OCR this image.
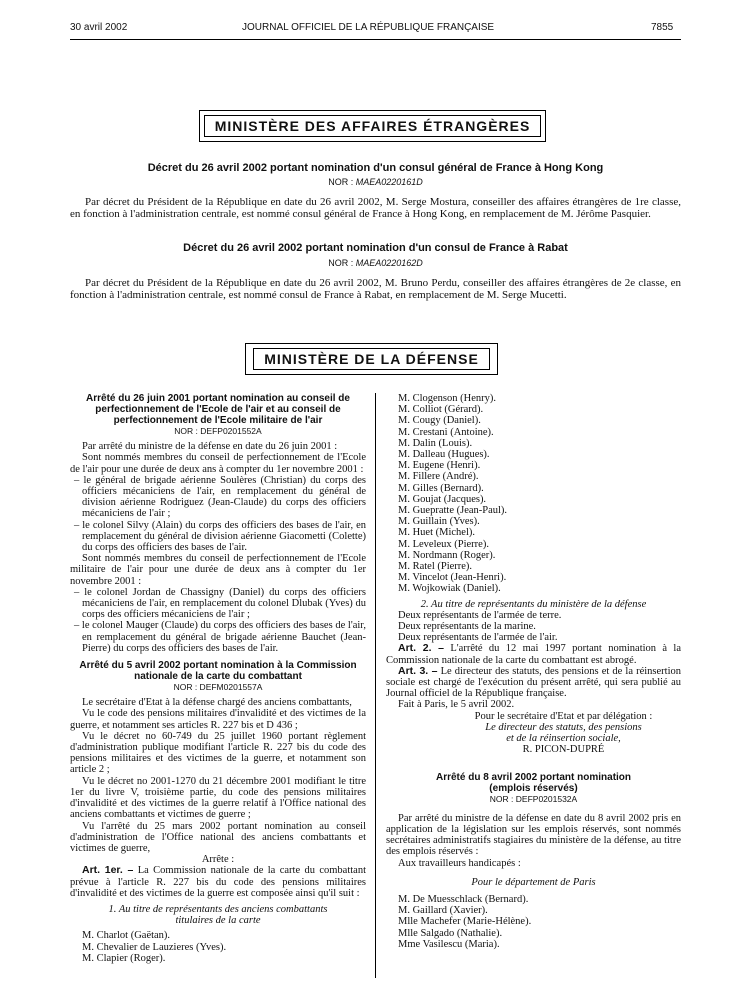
30 avril 2002	JOURNAL OFFICIEL DE LA RÉPUBLIQUE FRANÇAISE	7855
MINISTÈRE DES AFFAIRES ÉTRANGÈRES
Décret du 26 avril 2002 portant nomination d'un consul général de France à Hong Kong
NOR : MAEA0220161D
Par décret du Président de la République en date du 26 avril 2002, M. Serge Mostura, conseiller des affaires étrangères de 1re classe, en fonction à l'administration centrale, est nommé consul général de France à Hong Kong, en remplacement de M. Jérôme Pasquier.
Décret du 26 avril 2002 portant nomination d'un consul de France à Rabat
NOR : MAEA0220162D
Par décret du Président de la République en date du 26 avril 2002, M. Bruno Perdu, conseiller des affaires étrangères de 2e classe, en fonction à l'administration centrale, est nommé consul de France à Rabat, en remplacement de M. Serge Mucetti.
MINISTÈRE DE LA DÉFENSE
Arrêté du 26 juin 2001 portant nomination au conseil de perfectionnement de l'Ecole de l'air et au conseil de perfectionnement de l'Ecole militaire de l'air
NOR : DEFP0201552A

Par arrêté du ministre de la défense en date du 26 juin 2001 :

Sont nommés membres du conseil de perfectionnement de l'Ecole de l'air pour une durée de deux ans à compter du 1er novembre 2001 :

– le général de brigade aérienne Soulères (Christian) du corps des officiers mécaniciens de l'air, en remplacement du général de division aérienne Rodriguez (Jean-Claude) du corps des officiers mécaniciens de l'air ;

– le colonel Silvy (Alain) du corps des officiers des bases de l'air, en remplacement du général de division aérienne Giacometti (Colette) du corps des officiers des bases de l'air.

Sont nommés membres du conseil de perfectionnement de l'Ecole militaire de l'air pour une durée de deux ans à compter du 1er novembre 2001 :

– le colonel Jordan de Chassigny (Daniel) du corps des officiers mécaniciens de l'air, en remplacement du colonel Dlubak (Yves) du corps des officiers mécaniciens de l'air ;

– le colonel Mauger (Claude) du corps des officiers des bases de l'air, en remplacement du général de brigade aérienne Bauchet (Jean-Pierre) du corps des officiers des bases de l'air.

Arrêté du 5 avril 2002 portant nomination à la Commission nationale de la carte du combattant
NOR : DEFM0201557A

Le secrétaire d'Etat à la défense chargé des anciens combattants,

Vu le code des pensions militaires d'invalidité et des victimes de la guerre, et notamment ses articles R. 227 bis et D 436 ;

Vu le décret no 60-749 du 25 juillet 1960 portant règlement d'administration publique modifiant l'article R. 227 bis du code des pensions militaires et des victimes de la guerre, et notamment son article 2 ;

Vu le décret no 2001-1270 du 21 décembre 2001 modifiant le titre 1er du livre V, troisième partie, du code des pensions militaires d'invalidité et des victimes de la guerre relatif à l'Office national des anciens combattants et victimes de guerre ;

Vu l'arrêté du 25 mars 2002 portant nomination au conseil d'administration de l'Office national des anciens combattants et victimes de guerre,

Arrête :

Art. 1er. – La Commission nationale de la carte du combattant prévue à l'article R. 227 bis du code des pensions militaires d'invalidité et des victimes de la guerre est composée ainsi qu'il suit :

1. Au titre de représentants des anciens combattants titulaires de la carte

M. Charlot (Gaëtan).
M. Chevalier de Lauzieres (Yves).
M. Clapier (Roger).
M. Clogenson (Henry).
M. Colliot (Gérard).
M. Cougy (Daniel).
M. Crestani (Antoine).
M. Dalin (Louis).
M. Dalleau (Hugues).
M. Eugene (Henri).
M. Fillere (André).
M. Gilles (Bernard).
M. Goujat (Jacques).
M. Gueprattе (Jean-Paul).
M. Guillain (Yves).
M. Huet (Michel).
M. Leveleux (Pierre).
M. Nordmann (Roger).
M. Ratel (Pierre).
M. Vincelot (Jean-Henri).
M. Wojkowiak (Daniel).

2. Au titre de représentants du ministère de la défense

Deux représentants de l'armée de terre.
Deux représentants de la marine.
Deux représentants de l'armée de l'air.

Art. 2. – L'arrêté du 12 mai 1997 portant nomination à la Commission nationale de la carte du combattant est abrogé.

Art. 3. – Le directeur des statuts, des pensions et de la réinsertion sociale est chargé de l'exécution du présent arrêté, qui sera publié au Journal officiel de la République française.

Fait à Paris, le 5 avril 2002.

Pour le secrétaire d'Etat et par délégation :
Le directeur des statuts, des pensions
et de la réinsertion sociale,
R. PICON-DUPRÉ
Arrêté du 8 avril 2002 portant nomination (emplois réservés)
NOR : DEFP0201532A

Par arrêté du ministre de la défense en date du 8 avril 2002 pris en application de la législation sur les emplois réservés, sont nommés secrétaires administratifs stagiaires du ministère de la défense, au titre des emplois réservés :

Aux travailleurs handicapés :

Pour le département de Paris

M. De Muesschlack (Bernard).
M. Gaillard (Xavier).
Mlle Machefer (Marie-Hélène).
Mlle Salgado (Nathalie).
Mme Vasilescu (Maria).
